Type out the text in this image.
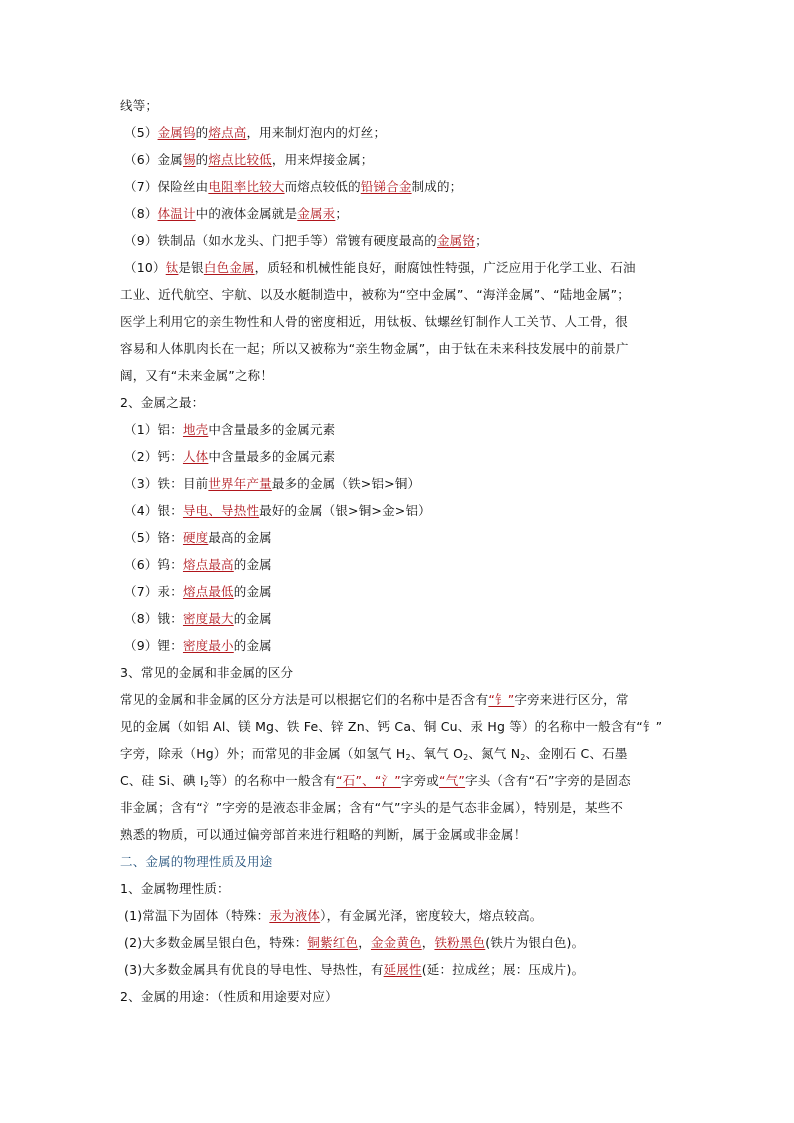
线等；
（5）金属钨的熔点高，用来制灯泡内的灯丝；
（6）金属锡的熔点比较低，用来焊接金属；
（7）保险丝由电阻率比较大而熔点较低的铅锑合金制成的；
（8）体温计中的液体金属就是金属汞；
（9）铁制品（如水龙头、门把手等）常镀有硬度最高的金属铬；
（10）钛是银白色金属，质轻和机械性能良好，耐腐蚀性特强，广泛应用于化学工业、石油
工业、近代航空、宇航、以及水艇制造中，被称为“空中金属”、“海洋金属”、“陆地金属”；
医学上利用它的亲生物性和人骨的密度相近，用钛板、钛螺丝钉制作人工关节、人工骨，很
容易和人体肌肉长在一起；所以又被称为“亲生物金属”，由于钛在未来科技发展中的前景广
阔，又有“未来金属”之称！
2、金属之最：
（1）铝：地壳中含量最多的金属元素
（2）钙：人体中含量最多的金属元素
（3）铁：目前世界年产量最多的金属（铁>铝>铜）
（4）银：导电、导热性最好的金属（银>铜>金>铝）
（5）铬：硬度最高的金属
（6）钨：熔点最高的金属
（7）汞：熔点最低的金属
（8）锇：密度最大的金属
（9）锂：密度最小的金属
3、常见的金属和非金属的区分
常见的金属和非金属的区分方法是可以根据它们的名称中是否含有“钅”字旁来进行区分，常
见的金属（如铝 Al、镁 Mg、铁 Fe、锌 Zn、钙 Ca、铜 Cu、汞 Hg 等）的名称中一般含有“钅”
字旁，除汞（Hg）外；而常见的非金属（如氢气 $H_2$、氧气 $O_2$、氮气 $N_2$、金刚石 C、石墨
C、硅 Si、碘 $I_2$等）的名称中一般含有“石”、“氵”字旁或“气”字头（含有“石”字旁的是固态
非金属；含有“氵”字旁的是液态非金属；含有“气”字头的是气态非金属），特别是，某些不
熟悉的物质，可以通过偏旁部首来进行粗略的判断，属于金属或非金属！
二、金属的物理性质及用途
1、金属物理性质：
(1)常温下为固体（特殊：汞为液体），有金属光泽，密度较大，熔点较高。
(2)大多数金属呈银白色，特殊：铜紫红色，金金黄色，铁粉黑色(铁片为银白色)。
(3)大多数金属具有优良的导电性、导热性，有延展性(延：拉成丝；展：压成片)。
2、金属的用途：（性质和用途要对应）
